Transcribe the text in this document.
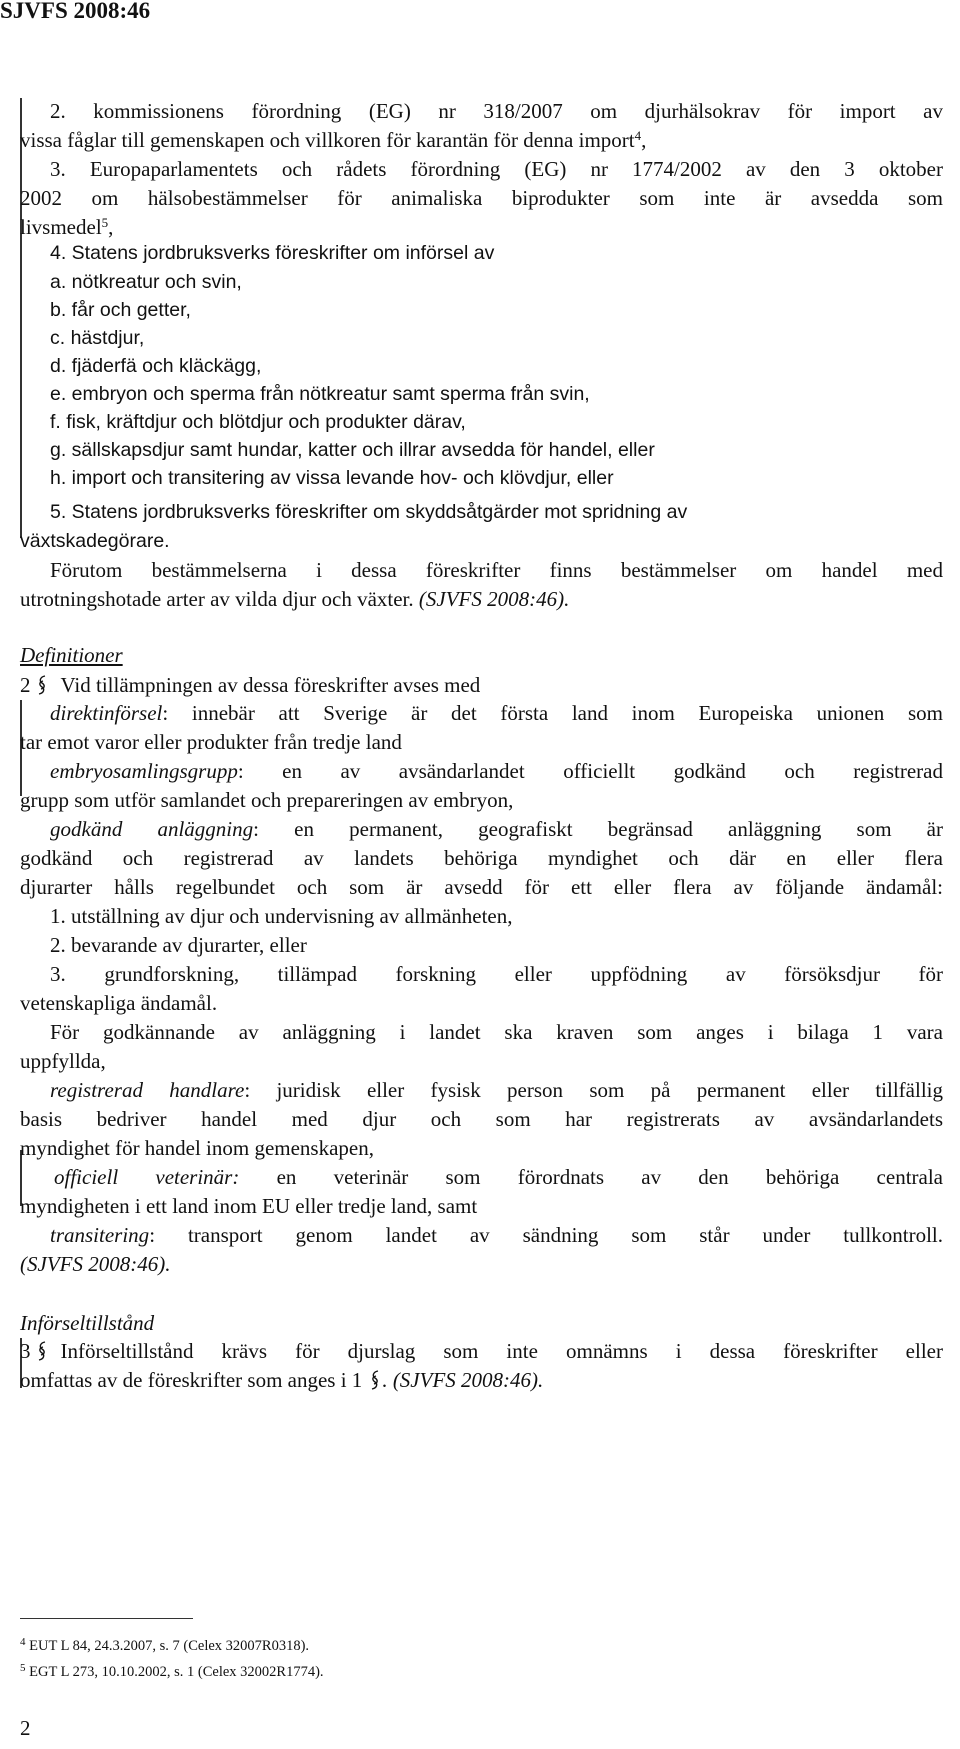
SJVFS 2008:46
2. kommissionens förordning (EG) nr 318/2007 om djurhälsokrav för import av
vissa fåglar till gemenskapen och villkoren för karantän för denna import$^4$,
3. Europaparlamentets och rådets förordning (EG) nr 1774/2002 av den 3 oktober
2002 om hälsobestämmelser för animaliska biprodukter som inte är avsedda som
livsmedel$^5$,
4. Statens jordbruksverks föreskrifter om införsel av
a. nötkreatur och svin,
b. får och getter,
c. hästdjur,
d. fjäderfä och kläckägg,
e. embryon och sperma från nötkreatur samt sperma från svin,
f. fisk, kräftdjur och blötdjur och produkter därav,
g. sällskapsdjur samt hundar, katter och illrar avsedda för handel, eller
h. import och transitering av vissa levande hov- och klövdjur, eller
5. Statens jordbruksverks föreskrifter om skyddsåtgärder mot spridning av
växtskadegörare.
Förutom bestämmelserna i dessa föreskrifter finns bestämmelser om handel med
utrotningshotade arter av vilda djur och växter. (SJVFS 2008:46).
Definitioner
2 Vid tillämpningen av dessa föreskrifter avses med
direktinförsel: innebär att Sverige är det första land inom Europeiska unionen som
tar emot varor eller produkter från tredje land
embryosamlingsgrupp: en av avsändarlandet officiellt godkänd och registrerad
grupp som utför samlandet och prepareringen av embryon,
godkänd anläggning: en permanent, geografiskt begränsad anläggning som är
godkänd och registrerad av landets behöriga myndighet och där en eller flera
djurarter hålls regelbundet och som är avsedd för ett eller flera av följande ändamål:
1. utställning av djur och undervisning av allmänheten,
2. bevarande av djurarter, eller
3. grundforskning, tillämpad forskning eller uppfödning av försöksdjur för
vetenskapliga ändamål.
För godkännande av anläggning i landet ska kraven som anges i bilaga 1 vara
uppfyllda,
registrerad handlare: juridisk eller fysisk person som på permanent eller tillfällig
basis bedriver handel med djur och som har registrerats av avsändarlandets
myndighet för handel inom gemenskapen,
officiell veterinär: en veterinär som förordnats av den behöriga centrala
myndigheten i ett land inom EU eller tredje land, samt
transitering: transport genom landet av sändning som står under tullkontroll.
(SJVFS 2008:46).
Införseltillstånd
3 Införseltillstånd krävs för djurslag som inte omnämns i dessa föreskrifter eller
omfattas av de föreskrifter som anges i 1 . (SJVFS 2008:46).
$^4$ EUT L 84, 24.3.2007, s. 7 (Celex 32007R0318).
$^5$ EGT L 273, 10.10.2002, s. 1 (Celex 32002R1774).
2
